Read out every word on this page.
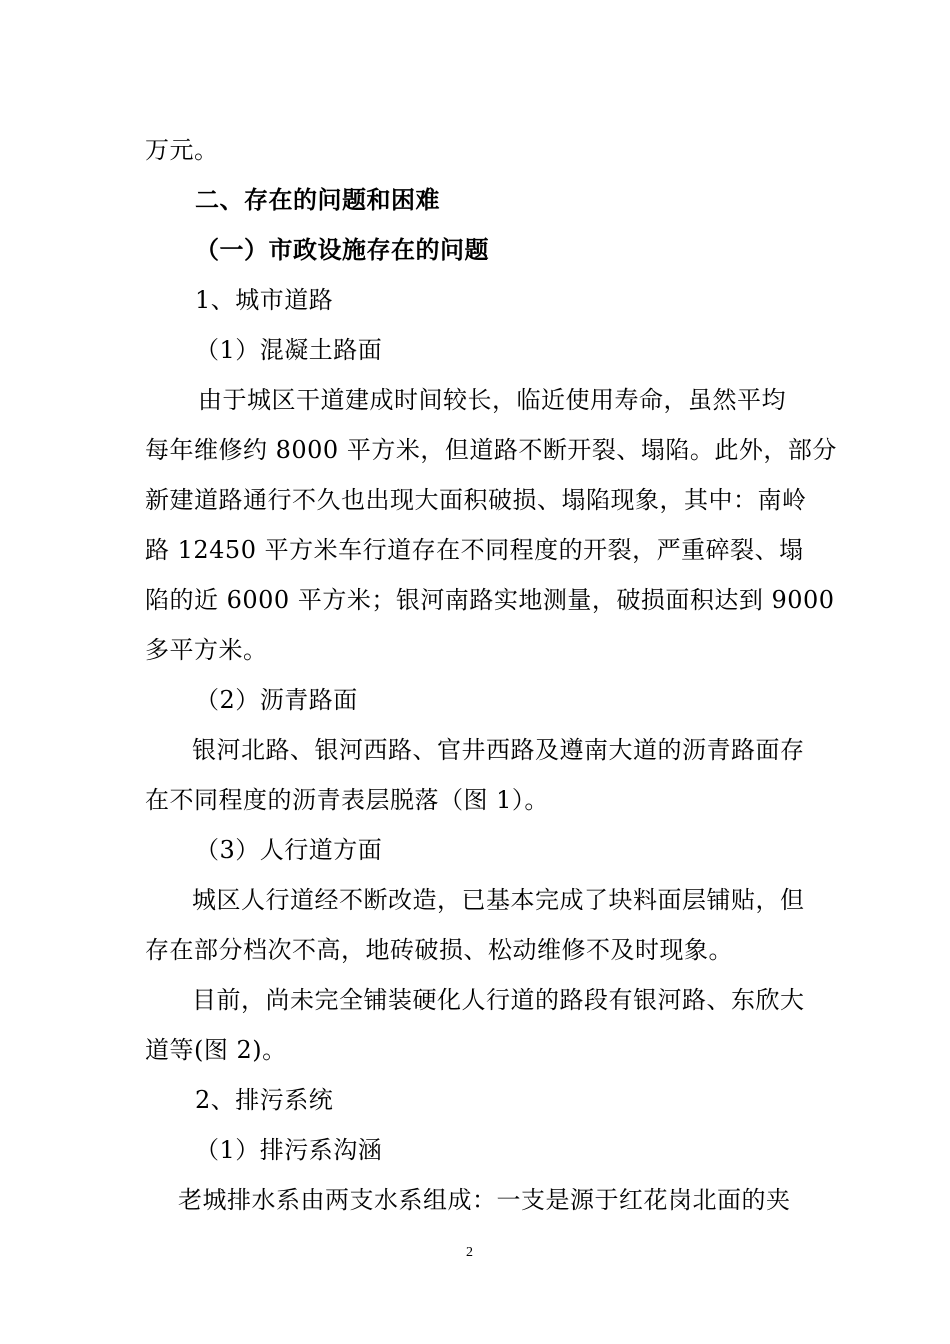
万元。
二、存在的问题和困难
（一）市政设施存在的问题
1、城市道路
（1）混凝土路面
由于城区干道建成时间较长，临近使用寿命，虽然平均
每年维修约 8000 平方米，但道路不断开裂、塌陷。此外，部分
新建道路通行不久也出现大面积破损、塌陷现象，其中：南岭
路 12450 平方米车行道存在不同程度的开裂，严重碎裂、塌
陷的近 6000 平方米；银河南路实地测量，破损面积达到 9000
多平方米。
（2）沥青路面
银河北路、银河西路、官井西路及遵南大道的沥青路面存
在不同程度的沥青表层脱落（图 1）。
（3）人行道方面
城区人行道经不断改造，已基本完成了块料面层铺贴，但
存在部分档次不高，地砖破损、松动维修不及时现象。
目前，尚未完全铺装硬化人行道的路段有银河路、东欣大
道等(图 2)。
2、排污系统
（1）排污系沟涵
老城排水系由两支水系组成：一支是源于红花岗北面的夹
2
